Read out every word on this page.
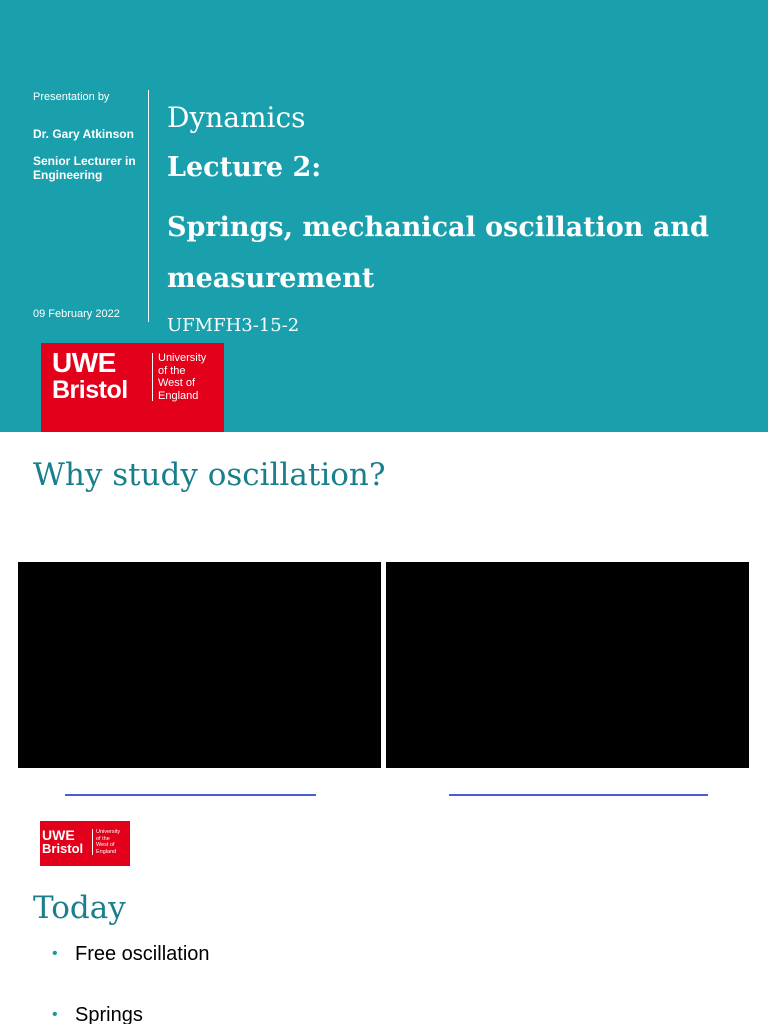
Presentation by
Dr. Gary Atkinson
Senior Lecturer in Engineering
09 February 2022
Dynamics
Lecture 2:
Springs, mechanical oscillation and measurement
UFMFH3-15-2
UWE
Bristol
University
of the
West of
England
Why study oscillation?
UWE
Bristol
University
of the
West of
England
Today
• Free oscillation
• Springs
